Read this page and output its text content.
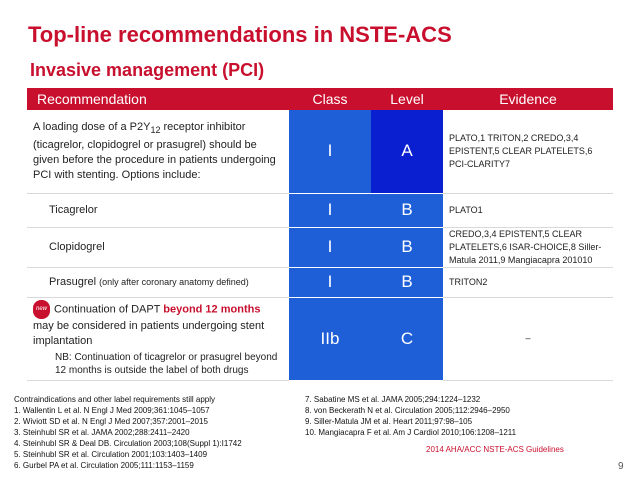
Top-line recommendations in NSTE-ACS
Invasive management (PCI)
Recommendation	Class	Level	Evidence
A loading dose of a $P2Y_{12}$ receptor inhibitor (ticagrelor, clopidogrel or prasugrel) should be given before the procedure in patients undergoing PCI with stenting. Options include:	I	A	PLATO,1 TRITON,2 CREDO,3,4 EPISTENT,5 CLEAR PLATELETS,6 PCI-CLARITY7
Ticagrelor	I	B	PLATO1
Clopidogrel	I	B	CREDO,3,4 EPISTENT,5 CLEAR PLATELETS,6 ISAR-CHOICE,8 Siller-Matula 2011,9 Mangiacapra 201010
Prasugrel (only after coronary anatomy defined)	I	B	TRITON2
new Continuation of DAPT beyond 12 months may be considered in patients undergoing stent implantation
NB: Continuation of ticagrelor or prasugrel beyond 12 months is outside the label of both drugs	IIb	C	–
Contraindications and other label requirements still apply
1. Wallentin L et al. N Engl J Med 2009;361:1045–1057
2. Wiviott SD et al. N Engl J Med 2007;357:2001–2015
3. Steinhubl SR et al. JAMA 2002;288:2411–2420
4. Steinhubl SR & Deal DB. Circulation 2003;108(Suppl 1):I1742
5. Steinhubl SR et al. Circulation 2001;103:1403–1409
6. Gurbel PA et al. Circulation 2005;111:1153–1159
7. Sabatine MS et al. JAMA 2005;294:1224–1232
8. von Beckerath N et al. Circulation 2005;112:2946–2950
9. Siller-Matula JM et al. Heart 2011;97:98–105
10. Mangiacapra F et al. Am J Cardiol 2010;106:1208–1211
2014 AHA/ACC NSTE-ACS Guidelines
9
